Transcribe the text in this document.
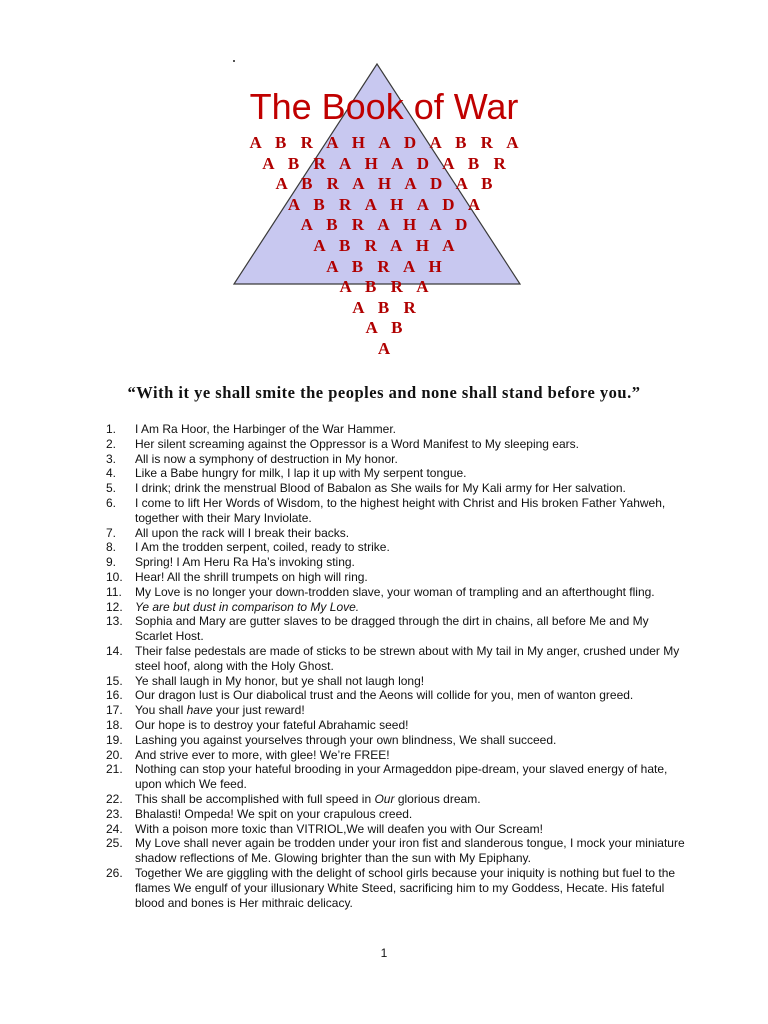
The Book of War
A B R A H A D A B R A
A B R A H A D A B R
A B R A H A D A B
A B R A H A D A
A B R A H A D
A B R A H A
A B R A H
A B R A
A B R
A B
A

“With it ye shall smite the peoples and none shall stand before you.”

1.	I Am Ra Hoor, the Harbinger of the War Hammer.
2.	Her silent screaming against the Oppressor is a Word Manifest to My sleeping ears.
3.	All is now a symphony of destruction in My honor.
4.	Like a Babe hungry for milk, I lap it up with My serpent tongue.
5.	I drink; drink the menstrual Blood of Babalon as She wails for My Kali army for Her salvation.
6.	I come to lift Her Words of Wisdom, to the highest height with Christ and His broken Father Yahweh, together with their Mary Inviolate.
7.	All upon the rack will I break their backs.
8.	I Am the trodden serpent, coiled, ready to strike.
9.	Spring! I Am Heru Ra Ha’s invoking sting.
10.	Hear! All the shrill trumpets on high will ring.
11.	My Love is no longer your down-trodden slave, your woman of trampling and an afterthought fling.
12.	Ye are but dust in comparison to My Love.
13.	Sophia and Mary are gutter slaves to be dragged through the dirt in chains, all before Me and My Scarlet Host.
14.	Their false pedestals are made of sticks to be strewn about with My tail in My anger, crushed under My steel hoof, along with the Holy Ghost.
15.	Ye shall laugh in My honor, but ye shall not laugh long!
16.	Our dragon lust is Our diabolical trust and the Aeons will collide for you, men of wanton greed.
17.	You shall have your just reward!
18.	Our hope is to destroy your fateful Abrahamic seed!
19.	Lashing you against yourselves through your own blindness, We shall succeed.
20.	And strive ever to more, with glee! We’re FREE!
21.	Nothing can stop your hateful brooding in your Armageddon pipe-dream, your slaved energy of hate, upon which We feed.
22.	This shall be accomplished with full speed in Our glorious dream.
23.	Bhalasti! Ompeda! We spit on your crapulous creed.
24.	With a poison more toxic than VITRIOL,We will deafen you with Our Scream!
25.	My Love shall never again be trodden under your iron fist and slanderous tongue, I mock your miniature shadow reflections of Me. Glowing brighter than the sun with My Epiphany.
26.	Together We are giggling with the delight of school girls because your iniquity is nothing but fuel to the flames We engulf of your illusionary White Steed, sacrificing him to my Goddess, Hecate. His fateful blood and bones is Her mithraic delicacy.
1
